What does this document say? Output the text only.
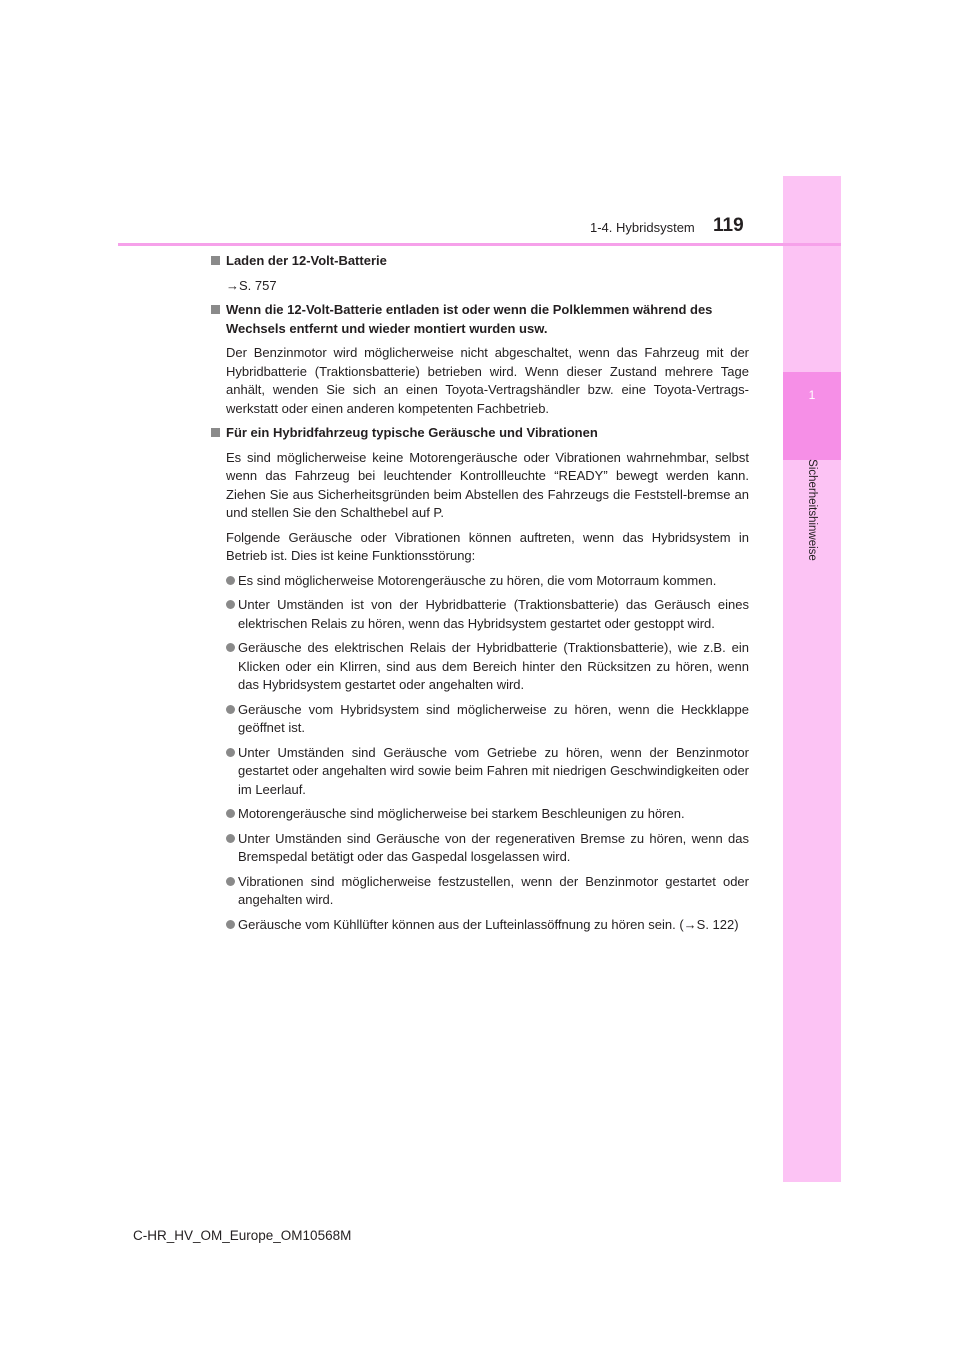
1
Sicherheitshinweise
1-4. Hybridsystem 119
Laden der 12-Volt-Batterie

→S. 757

Wenn die 12-Volt-Batterie entladen ist oder wenn die Polklemmen während des Wechsels entfernt und wieder montiert wurden usw.

Der Benzinmotor wird möglicherweise nicht abgeschaltet, wenn das Fahrzeug mit der Hybridbatterie (Traktionsbatterie) betrieben wird. Wenn dieser Zustand mehrere Tage anhält, wenden Sie sich an einen Toyota-Vertragshändler bzw. eine Toyota-Vertrags-werkstatt oder einen anderen kompetenten Fachbetrieb.

Für ein Hybridfahrzeug typische Geräusche und Vibrationen

Es sind möglicherweise keine Motorengeräusche oder Vibrationen wahrnehmbar, selbst wenn das Fahrzeug bei leuchtender Kontrollleuchte “READY” bewegt werden kann. Ziehen Sie aus Sicherheitsgründen beim Abstellen des Fahrzeugs die Feststell-bremse an und stellen Sie den Schalthebel auf P.

Folgende Geräusche oder Vibrationen können auftreten, wenn das Hybridsystem in Betrieb ist. Dies ist keine Funktionsstörung:

Es sind möglicherweise Motorengeräusche zu hören, die vom Motorraum kommen.
Unter Umständen ist von der Hybridbatterie (Traktionsbatterie) das Geräusch eines elektrischen Relais zu hören, wenn das Hybridsystem gestartet oder gestoppt wird.
Geräusche des elektrischen Relais der Hybridbatterie (Traktionsbatterie), wie z.B. ein Klicken oder ein Klirren, sind aus dem Bereich hinter den Rücksitzen zu hören, wenn das Hybridsystem gestartet oder angehalten wird.
Geräusche vom Hybridsystem sind möglicherweise zu hören, wenn die Heckklappe geöffnet ist.
Unter Umständen sind Geräusche vom Getriebe zu hören, wenn der Benzinmotor gestartet oder angehalten wird sowie beim Fahren mit niedrigen Geschwindigkeiten oder im Leerlauf.
Motorengeräusche sind möglicherweise bei starkem Beschleunigen zu hören.
Unter Umständen sind Geräusche von der regenerativen Bremse zu hören, wenn das Bremspedal betätigt oder das Gaspedal losgelassen wird.
Vibrationen sind möglicherweise festzustellen, wenn der Benzinmotor gestartet oder angehalten wird.
Geräusche vom Kühllüfter können aus der Lufteinlassöffnung zu hören sein. (→S. 122)
C-HR_HV_OM_Europe_OM10568M
